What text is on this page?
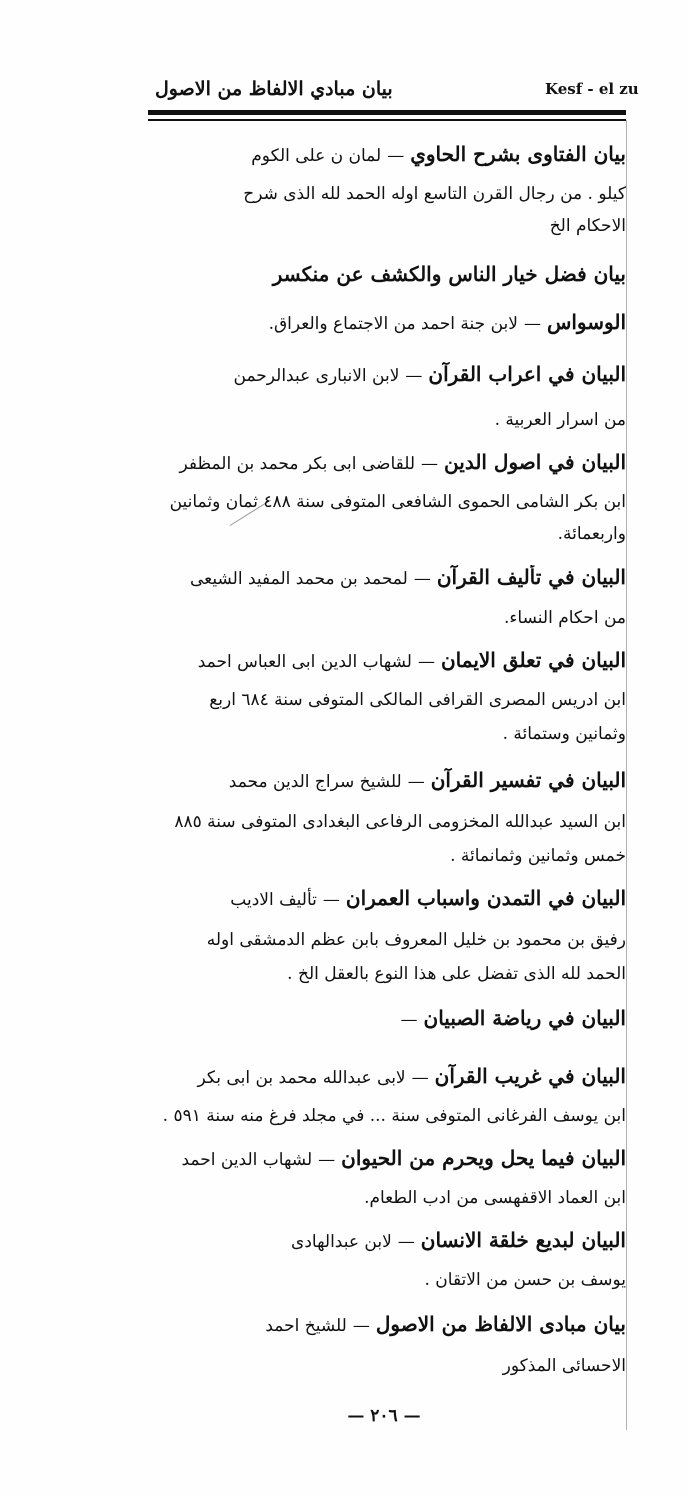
بيان مبادي الالفاظ من الاصول	Kesf - el zu
بيان الفتاوى بشرح الحاوي—لمان ن على الكوم
كيلو . من رجال القرن التاسع اوله الحمد لله الذى شرح
الاحكام الخ
بيان فضل خيار الناس والكشف عن منكسر
الوسواس—لابن جنة احمد من الاجتماع والعراق.
البيان في اعراب القرآن—لابن الانبارى عبدالرحمن
من اسرار العربية .
البيان في اصول الدين—للقاضى ابى بكر محمد بن المظفر
ابن بكر الشامى الحموى الشافعى المتوفى سنة ٤٨٨ ثمان وثمانين
واربعمائة.
البيان في تأليف القرآن—لمحمد بن محمد المفيد الشيعى
من احكام النساء.
البيان في تعلق الايمان—لشهاب الدين ابى العباس احمد
ابن ادريس المصرى القرافى المالكى المتوفى سنة ٦٨٤ اربع
وثمانين وستمائة .
البيان في تفسير القرآن—للشيخ سراج الدين محمد
ابن السيد عبدالله المخزومى الرفاعى البغدادى المتوفى سنة ٨٨٥
خمس وثمانين وثمانمائة .
البيان في التمدن واسباب العمران—تأليف الاديب
رفيق بن محمود بن خليل المعروف بابن عظم الدمشقى اوله
الحمد لله الذى تفضل على هذا النوع بالعقل الخ .
البيان في رياضة الصبيان—
البيان في غريب القرآن—لابى عبدالله محمد بن ابى بكر
ابن يوسف الفرغانى المتوفى سنة ... في مجلد فرغ منه سنة ٥٩١ .
البيان فيما يحل ويحرم من الحيوان—لشهاب الدين احمد
ابن العماد الاقفهسى من ادب الطعام.
البيان لبديع خلقة الانسان—لابن عبدالهادى
يوسف بن حسن من الاتقان .
بيان مبادى الالفاظ من الاصول—للشيخ احمد
الاحسائى المذكور
— ٢٠٦ —
